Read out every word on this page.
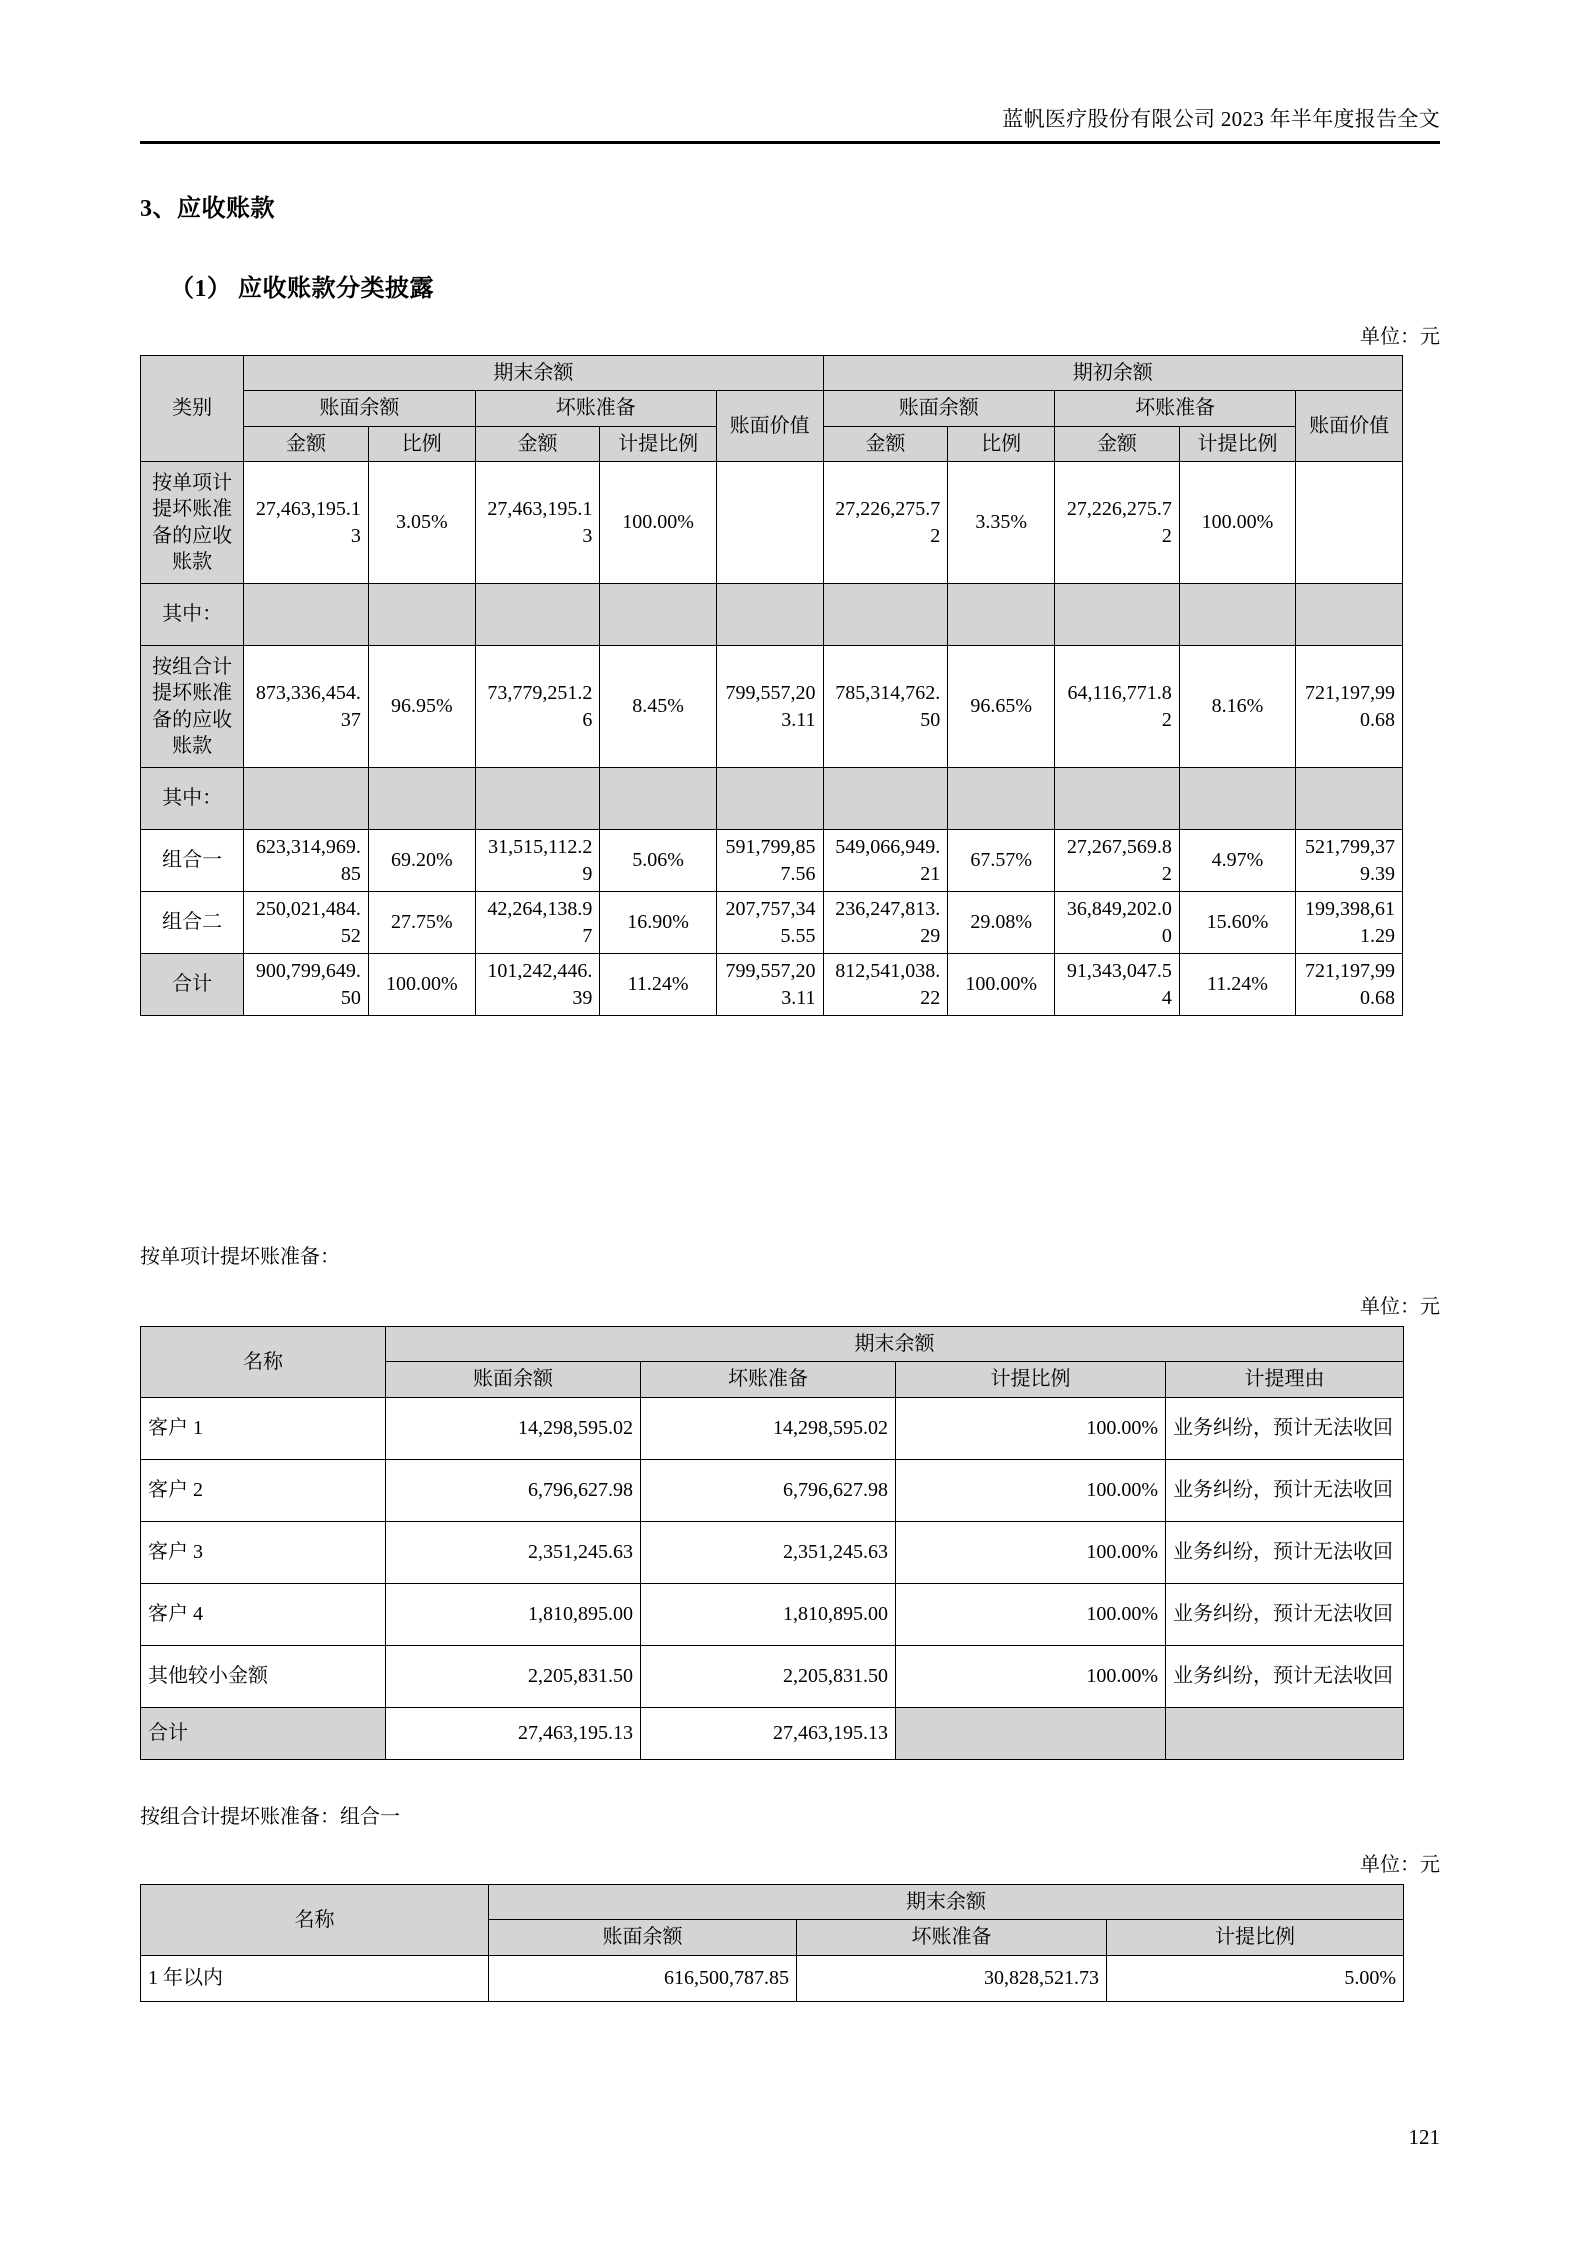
蓝帆医疗股份有限公司 2023 年半年度报告全文
3、应收账款
（1） 应收账款分类披露
单位：元
类别	期末余额					期初余额				
	账面余额		坏账准备		账面价值	账面余额		坏账准备		账面价值
	金额	比例	金额	计提比例		金额	比例	金额	计提比例	
按单项计提坏账准备的应收账款	27,463,195.13	3.05%	27,463,195.13	100.00%		27,226,275.72	3.35%	27,226,275.72	100.00%	
其中：										
按组合计提坏账准备的应收账款	873,336,454.37	96.95%	73,779,251.26	8.45%	799,557,203.11	785,314,762.50	96.65%	64,116,771.82	8.16%	721,197,990.68
其中：										
组合一	623,314,969.85	69.20%	31,515,112.29	5.06%	591,799,857.56	549,066,949.21	67.57%	27,267,569.82	4.97%	521,799,379.39
组合二	250,021,484.52	27.75%	42,264,138.97	16.90%	207,757,345.55	236,247,813.29	29.08%	36,849,202.00	15.60%	199,398,611.29
合计	900,799,649.50	100.00%	101,242,446.39	11.24%	799,557,203.11	812,541,038.22	100.00%	91,343,047.54	11.24%	721,197,990.68
按单项计提坏账准备：
单位：元
名称	期末余额			
	账面余额	坏账准备	计提比例	计提理由
客户 1	14,298,595.02	14,298,595.02	100.00%	业务纠纷，预计无法收回
客户 2	6,796,627.98	6,796,627.98	100.00%	业务纠纷，预计无法收回
客户 3	2,351,245.63	2,351,245.63	100.00%	业务纠纷，预计无法收回
客户 4	1,810,895.00	1,810,895.00	100.00%	业务纠纷，预计无法收回
其他较小金额	2,205,831.50	2,205,831.50	100.00%	业务纠纷，预计无法收回
合计	27,463,195.13	27,463,195.13		
按组合计提坏账准备：组合一
单位：元
名称	期末余额		
	账面余额	坏账准备	计提比例
1 年以内	616,500,787.85	30,828,521.73	5.00%
121
